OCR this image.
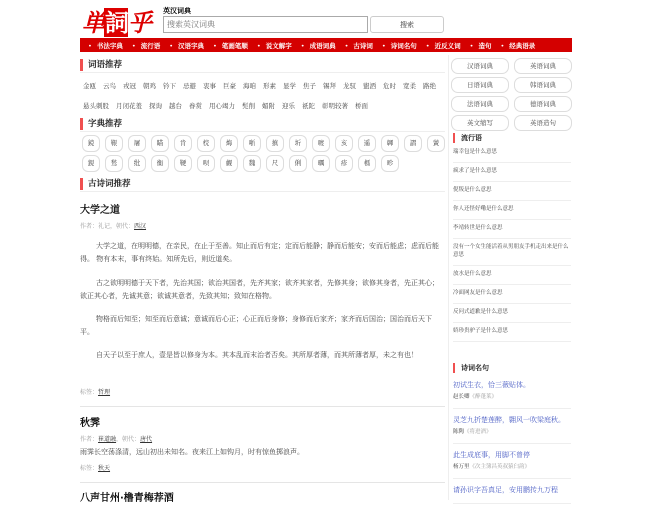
単詞乎	英汉词典
搜索英汉词典
搜索
• 书法字典	• 流行语	• 汉语字典	• 笔画笔顺	• 说文解字	• 成语词典	• 古诗词	• 诗词名句	• 近反义词	• 造句	• 经典语录
词语推荐
金瓯 云鸟 戎冠 朝鸡 钤下 忌避 衷事 巨豪 海咱 形素 显学 焦子 锡拜 龙驭 盥洒 危时 宽柔 路绝
悬头刺股 月闭花羞 探询 越台 眷赏 用心竭力 髡削 媚附 迎乐 祇陀 彰明较著 桥面
字典推荐
鋴	鞎	屠	瞄	肯	梡	烸	哳	搷	圻	喥	亥	遥	韗	謵	黉
鋧	鹙	纰	衡	鞕	呗	觑	魏	尺	俐	曞	疹	榪	畛
古诗词推荐
大学之道
作者：礼记，朝代：西汉
大学之道，在明明德，在亲民，在止于至善。知止而后有定；定而后能静；静而后能安；安而后能虑；虑而后能得。 物有本末，事有终始。知所先后，则近道矣。
古之欲明明德于天下者，先治其国；欲治其国者，先齐其家；欲齐其家者，先修其身；欲修其身者，先正其心；欲正其心者，先诚其意；欲诚其意者，先致其知；致知在格物。
物格而后知至；知至而后意诚；意诚而后心正；心正而后身修；身修而后家齐；家齐而后国治；国治而后天下平。
自天子以至于庶人，壹是皆以修身为本。其本乱而末治者否矣。其所厚者薄，而其所薄者厚，未之有也！
标签：哲理
秋霁
作者：崔道融，朝代：唐代
雨霁长空荡涤清，远山初出未知名。夜来江上如钩月，时有惊鱼掷浪声。
标签：秋天
八声甘州·橹青梅荐酒
汉语词典	英语词典
日语词典	韩语词典
法语词典	德语词典
英文缩写	英语造句
流行语
瑞幸包是什么意思
疯求了是什么意思
倪叛是什么意思
你人还怪好嘞是什么意思
李靖转世是什么意思
没有一个女生能活着从男朋友手机走出来是什么意思
放水是什么意思
冷面网友是什么意思
反问式道歉是什么意思
娇珍贵驴子是什么意思
诗词名句
初试生衣，恰三薇贴体。
赵长卿《醉蓬莱》
灵芝九折楚莲醉，翾风一吹梁庭秋。
陈陶《将进酒》
此生成底事，用脚不曾停
杨万里《次主簿昌英叔猿臼韵》
请孙识字吾真足，安用鹏抟九万程
